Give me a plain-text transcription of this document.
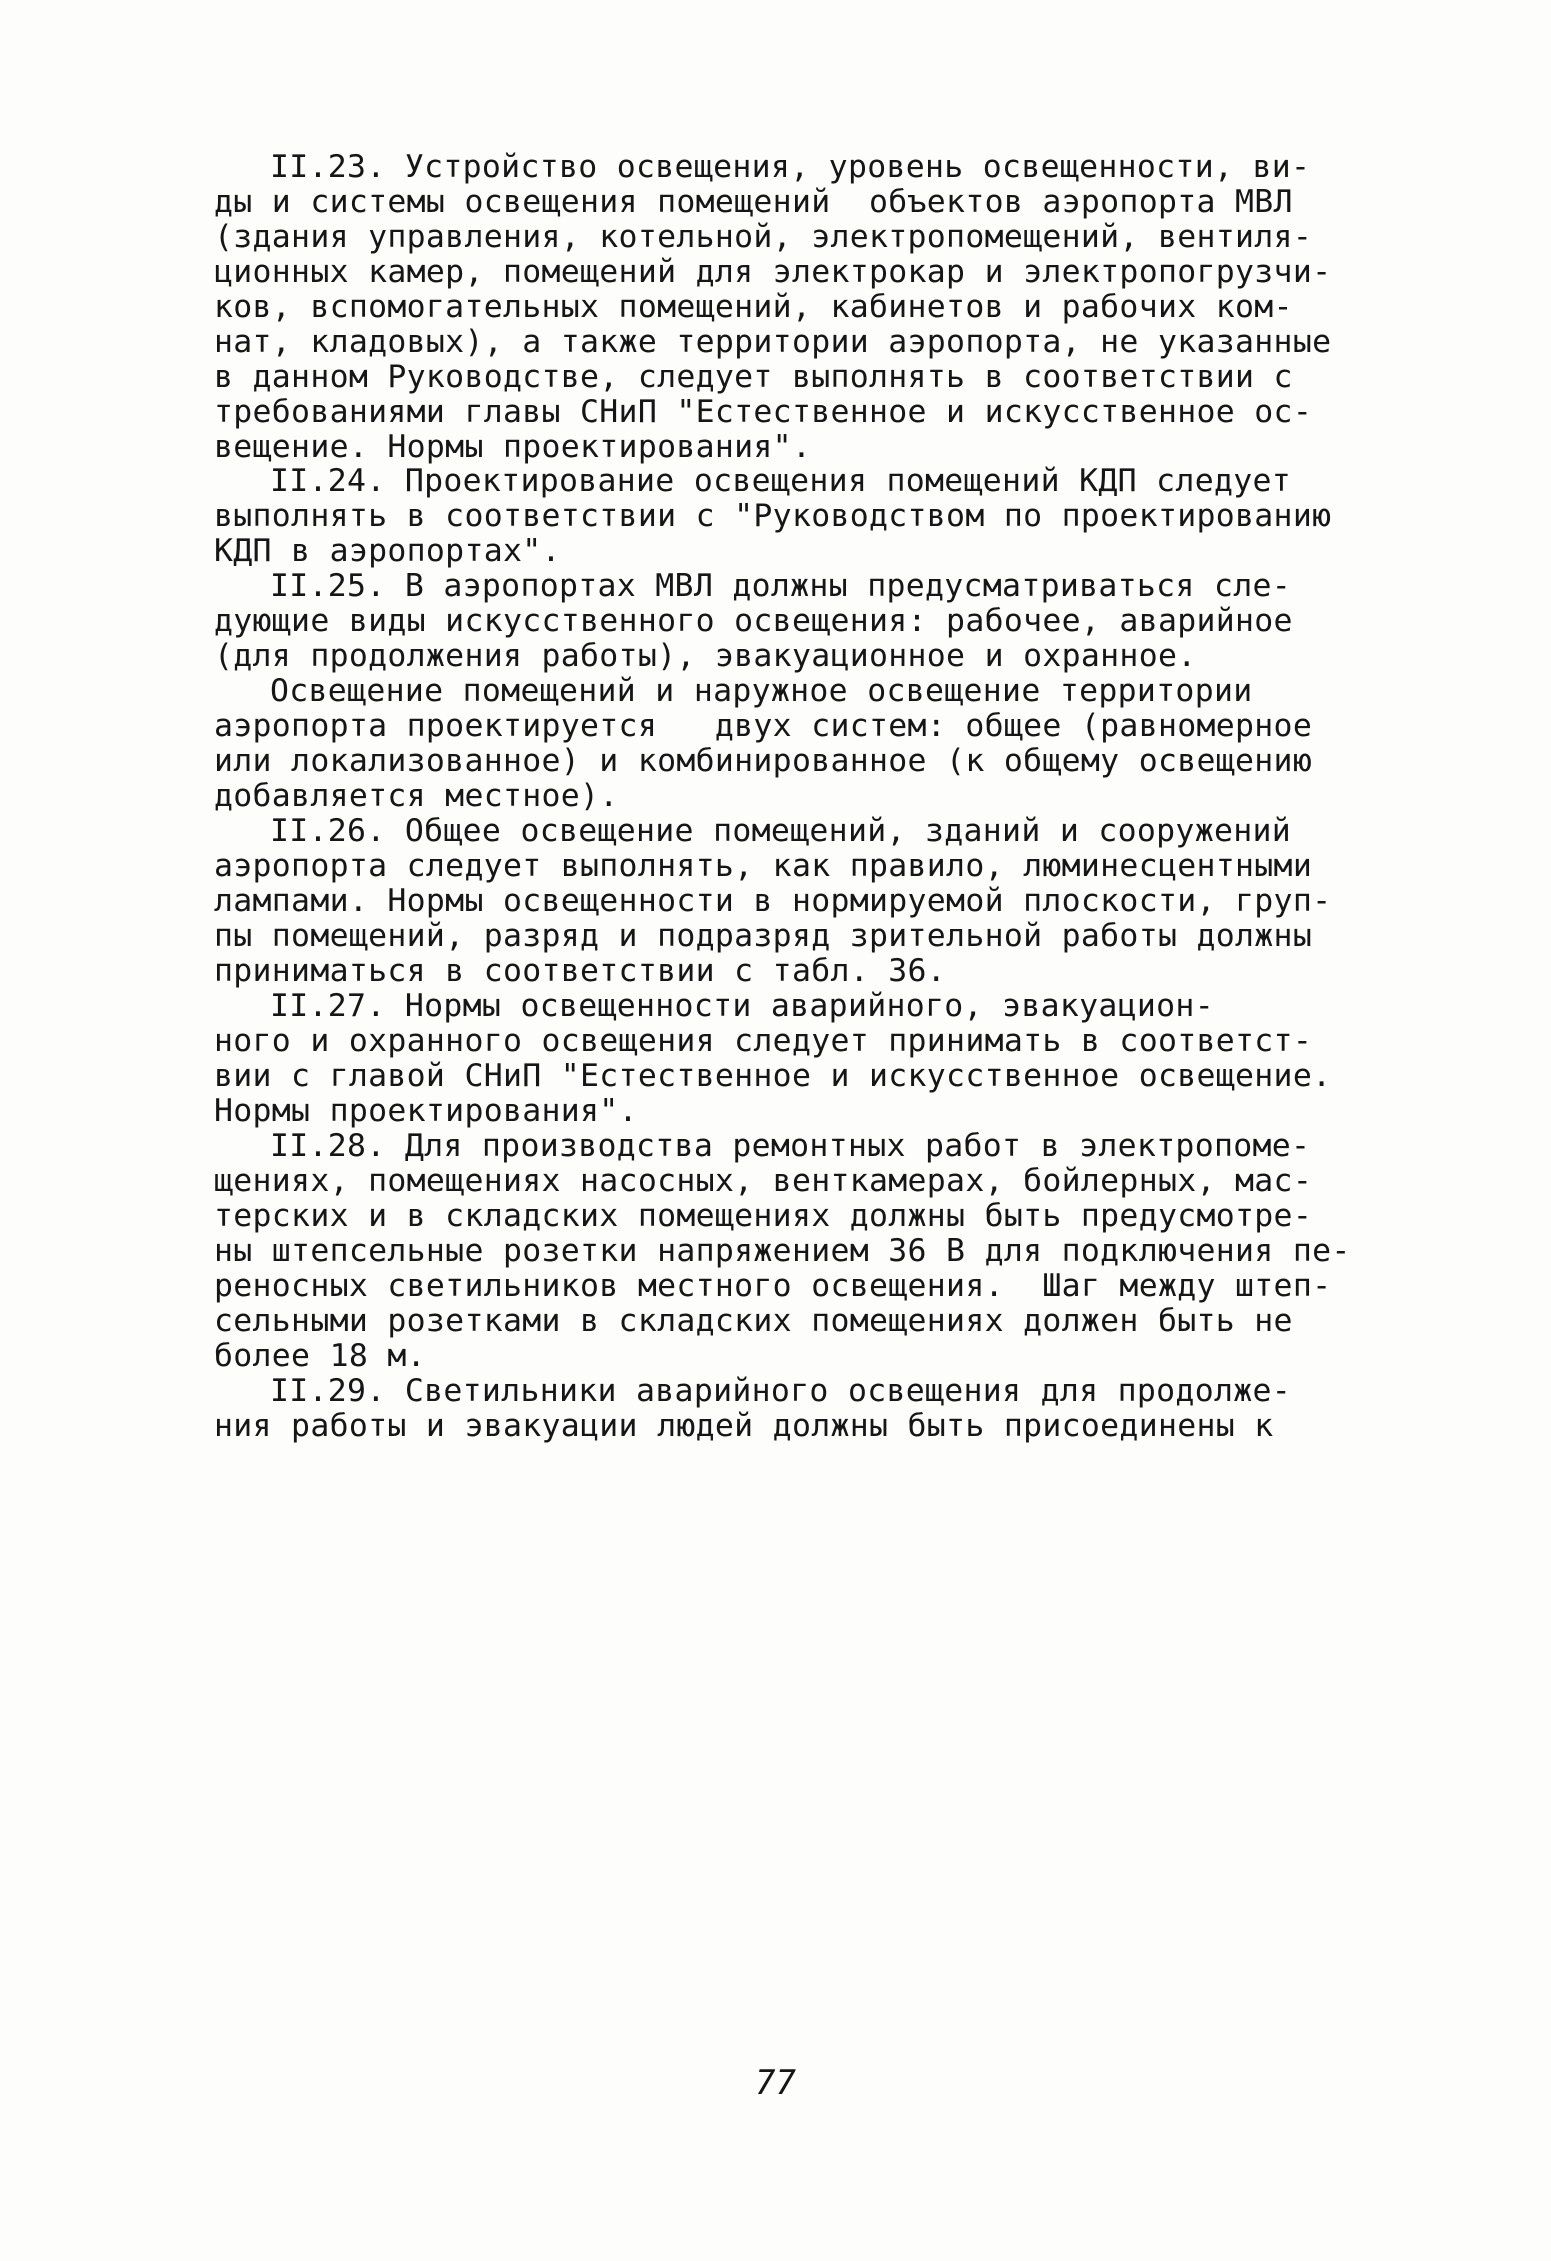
II.23. Устройство освещения, уровень освещенности, ви-

ды и системы освещения помещений  объектов аэропорта МВЛ

(здания управления, котельной, электропомещений, вентиля-

ционных камер, помещений для электрокар и электропогрузчи-

ков, вспомогательных помещений, кабинетов и рабочих ком-

нат, кладовых), а также территории аэропорта, не указанные

в данном Руководстве, следует выполнять в соответствии с

требованиями главы СНиП "Естественное и искусственное ос-

вещение. Нормы проектирования".

II.24. Проектирование освещения помещений КДП следует

выполнять в соответствии с "Руководством по проектированию

КДП в аэропортах".

II.25. В аэропортах МВЛ должны предусматриваться сле-

дующие виды искусственного освещения: рабочее, аварийное

(для продолжения работы), эвакуационное и охранное.

Освещение помещений и наружное освещение территории

аэропорта проектируется   двух систем: общее (равномерное

или локализованное) и комбинированное (к общему освещению

добавляется местное).

II.26. Общее освещение помещений, зданий и сооружений

аэропорта следует выполнять, как правило, люминесцентными

лампами. Нормы освещенности в нормируемой плоскости, груп-

пы помещений, разряд и подразряд зрительной работы должны

приниматься в соответствии с табл. 36.

II.27. Нормы освещенности аварийного, эвакуацион-

ного и охранного освещения следует принимать в соответст-

вии с главой СНиП "Естественное и искусственное освещение.

Нормы проектирования".

II.28. Для производства ремонтных работ в электропоме-

щениях, помещениях насосных, венткамерах, бойлерных, мас-

терских и в складских помещениях должны быть предусмотре-

ны штепсельные розетки напряжением 36 В для подключения пе-

реносных светильников местного освещения.  Шаг между штеп-

сельными розетками в складских помещениях должен быть не

более 18 м.

II.29. Светильники аварийного освещения для продолже-

ния работы и эвакуации людей должны быть присоединены к

77
